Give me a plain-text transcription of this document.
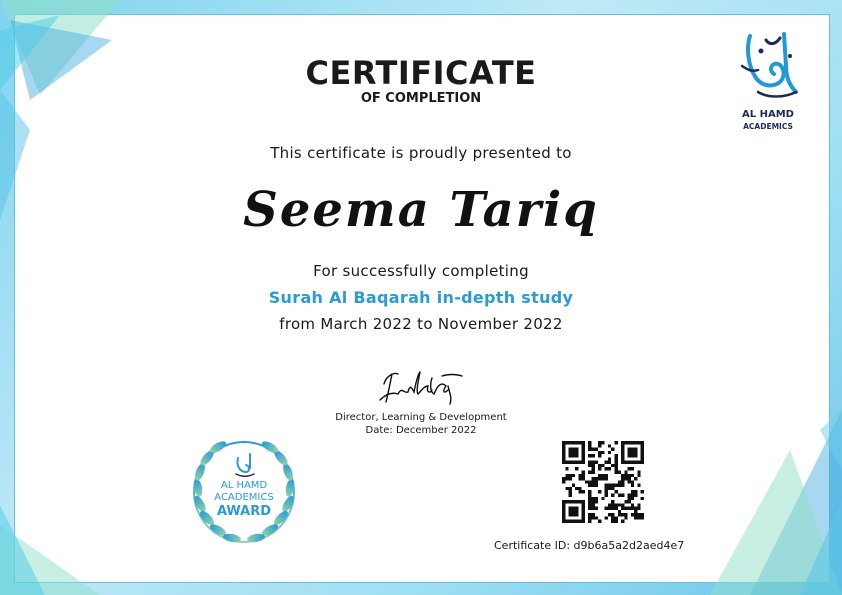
CERTIFICATE
OF COMPLETION
This certificate is proudly presented to
Seema Tariq
For successfully completing
Surah Al Baqarah in-depth study
from March 2022 to November 2022
Director, Learning & Development
Date: December 2022
AL HAMD
ACADEMICS
AL HAMD
ACADEMICS
AWARD
Certificate ID: d9b6a5a2d2aed4e7
